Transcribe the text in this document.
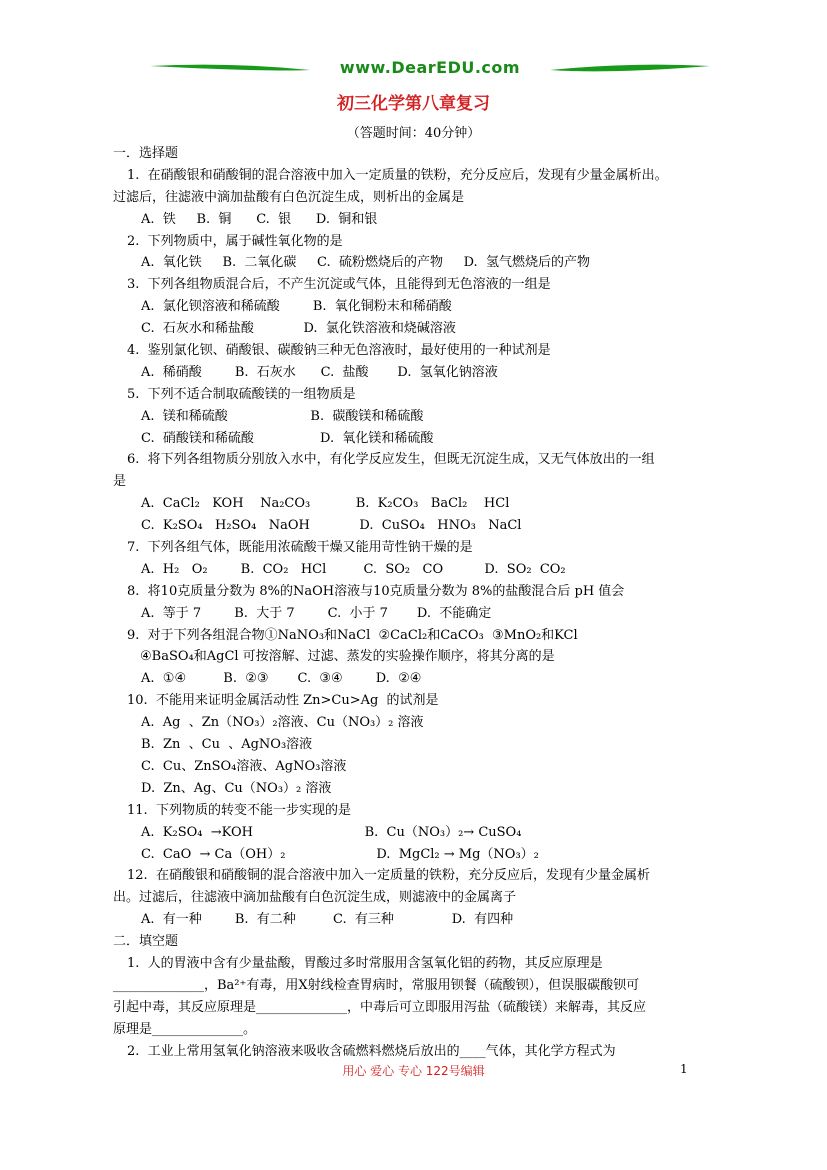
www.DearEDU.com
初三化学第八章复习
（答题时间：40分钟）
一．选择题
1.  在硝酸银和硝酸铜的混合溶液中加入一定质量的铁粉，充分反应后，发现有少量金属析出。
过滤后，往滤液中滴加盐酸有白色沉淀生成，则析出的金属是
A.  铁     B.  铜      C.  银      D.  铜和银
2.  下列物质中，属于碱性氧化物的是
A.  氧化铁     B.  二氧化碳     C.  硫粉燃烧后的产物     D.  氢气燃烧后的产物
3.  下列各组物质混合后，不产生沉淀或气体，且能得到无色溶液的一组是
A.  氯化钡溶液和稀硫酸        B.  氧化铜粉末和稀硝酸
C.  石灰水和稀盐酸            D.  氯化铁溶液和烧碱溶液
4.  鉴别氯化钡、硝酸银、碳酸钠三种无色溶液时，最好使用的一种试剂是
A.  稀硝酸        B.  石灰水      C.  盐酸       D.  氢氧化钠溶液
5.  下列不适合制取硫酸镁的一组物质是
A.  镁和稀硫酸                    B.  碳酸镁和稀硫酸
C.  硝酸镁和稀硫酸                D.  氧化镁和稀硫酸
6.  将下列各组物质分别放入水中，有化学反应发生，但既无沉淀生成，又无气体放出的一组
是
A.  CaCl₂   KOH    Na₂CO₃           B.  K₂CO₃   BaCl₂    HCl
C.  K₂SO₄   H₂SO₄   NaOH            D.  CuSO₄   HNO₃   NaCl
7.  下列各组气体，既能用浓硫酸干燥又能用苛性钠干燥的是
A.  H₂   O₂        B.  CO₂   HCl         C.  SO₂   CO          D.  SO₂  CO₂
8.  将10克质量分数为 8%的NaOH溶液与10克质量分数为 8%的盐酸混合后 pH 值会
A.  等于 7        B.  大于 7        C.  小于 7       D.  不能确定
9.  对于下列各组混合物①NaNO₃和NaCl  ②CaCl₂和CaCO₃  ③MnO₂和KCl
④BaSO₄和AgCl 可按溶解、过滤、蒸发的实验操作顺序，将其分离的是
A.  ①④         B.  ②③       C.  ③④        D.  ②④
10.  不能用来证明金属活动性 Zn>Cu>Ag  的试剂是
A.  Ag  、Zn（NO₃）₂溶液、Cu（NO₃）₂ 溶液
B.  Zn  、Cu  、AgNO₃溶液
C.  Cu、ZnSO₄溶液、AgNO₃溶液
D.  Zn、Ag、Cu（NO₃）₂ 溶液
11.  下列物质的转变不能一步实现的是
A.  K₂SO₄  →KOH                           B.  Cu（NO₃）₂→ CuSO₄
C.  CaO  → Ca（OH）₂                      D.  MgCl₂ → Mg（NO₃）₂
12.  在硝酸银和硝酸铜的混合溶液中加入一定质量的铁粉，充分反应后，发现有少量金属析
出。过滤后，往滤液中滴加盐酸有白色沉淀生成，则滤液中的金属离子
A.  有一种        B.  有二种         C.  有三种              D.  有四种
二．填空题
1.  人的胃液中含有少量盐酸，胃酸过多时常服用含氢氧化铝的药物，其反应原理是
______________，Ba²⁺有毒，用X射线检查胃病时，常服用钡餐（硫酸钡），但误服碳酸钡可
引起中毒，其反应原理是______________，中毒后可立即服用泻盐（硫酸镁）来解毒，其反应
原理是______________。
2.  工业上常用氢氧化钠溶液来吸收含硫燃料燃烧后放出的____气体，其化学方程式为
用心 爱心 专心 122号编辑	1
